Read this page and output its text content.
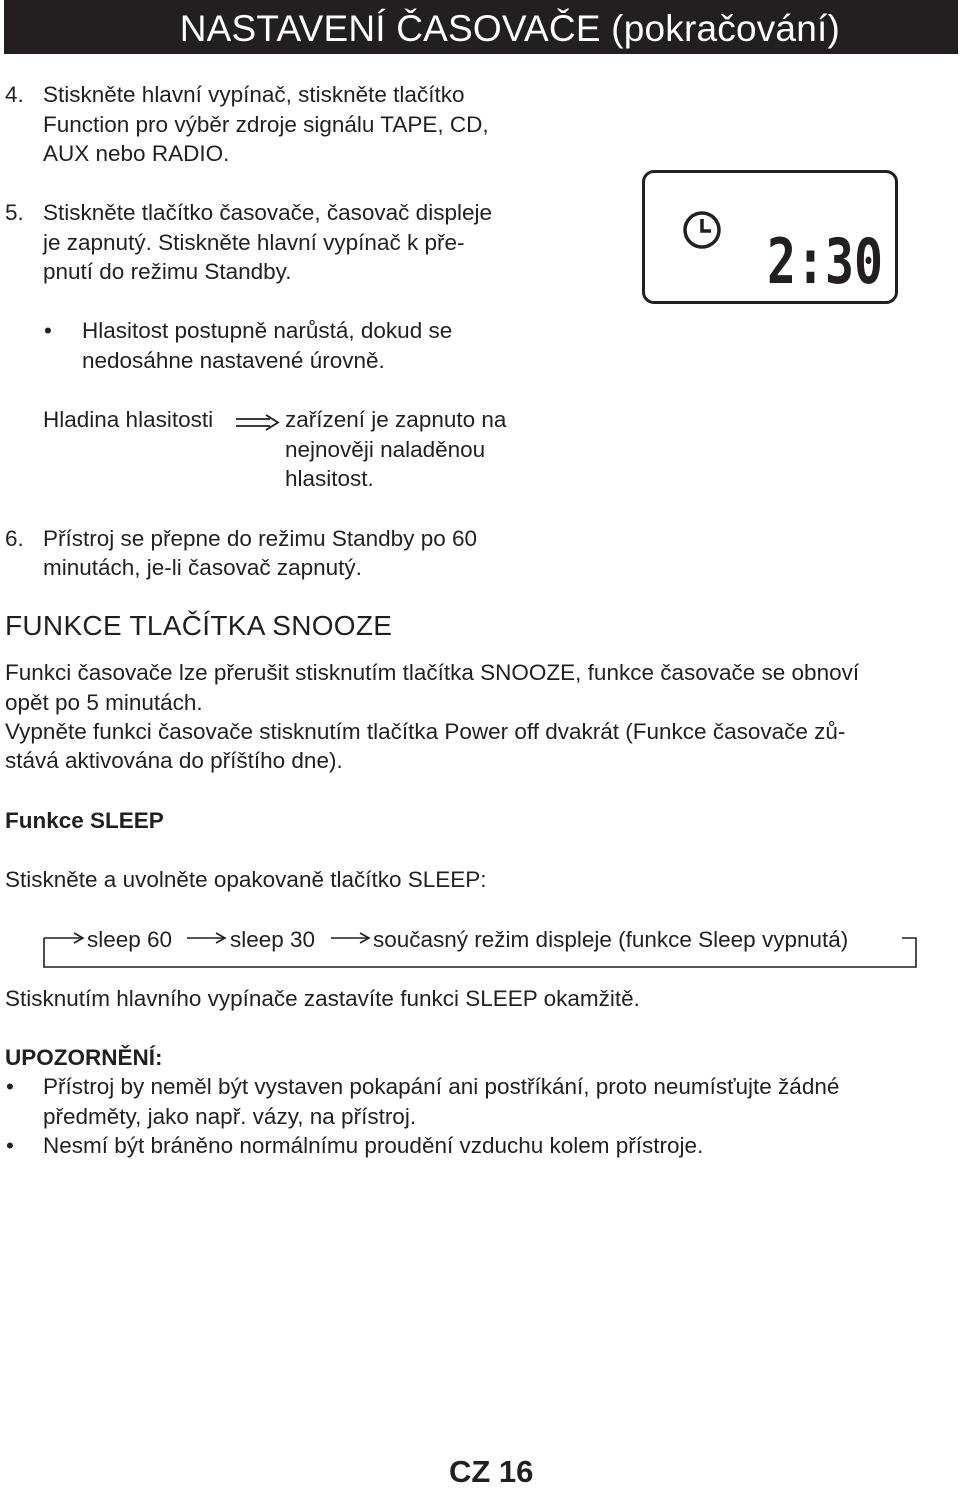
NASTAVENÍ ČASOVAČE (pokračování)
4. Stiskněte hlavní vypínač, stiskněte tlačítko
Function pro výběr zdroje signálu TAPE, CD,
AUX nebo RADIO.
5. Stiskněte tlačítko časovače, časovač displeje
je zapnutý. Stiskněte hlavní vypínač k pře-
pnutí do režimu Standby.
• Hlasitost postupně narůstá, dokud se
nedosáhne nastavené úrovně.
Hladina hlasitosti	zařízení je zapnuto na
nejnověji naladěnou
hlasitost.
6. Přístroj se přepne do režimu Standby po 60
minutách, je-li časovač zapnutý.
2:30
FUNKCE TLAČÍTKA SNOOZE
Funkci časovače lze přerušit stisknutím tlačítka SNOOZE, funkce časovače se obnoví
opět po 5 minutách.
Vypněte funkci časovače stisknutím tlačítka Power off dvakrát (Funkce časovače zů-
stává aktivována do příštího dne).
Funkce SLEEP
Stiskněte a uvolněte opakovaně tlačítko SLEEP:
sleep 60	sleep 30	současný režim displeje (funkce Sleep vypnutá)
Stisknutím hlavního vypínače zastavíte funkci SLEEP okamžitě.
UPOZORNĚNÍ:
• Přístroj by neměl být vystaven pokapání ani postříkání, proto neumísťujte žádné
předměty, jako např. vázy, na přístroj.
• Nesmí být bráněno normálnímu proudění vzduchu kolem přístroje.
CZ 16
